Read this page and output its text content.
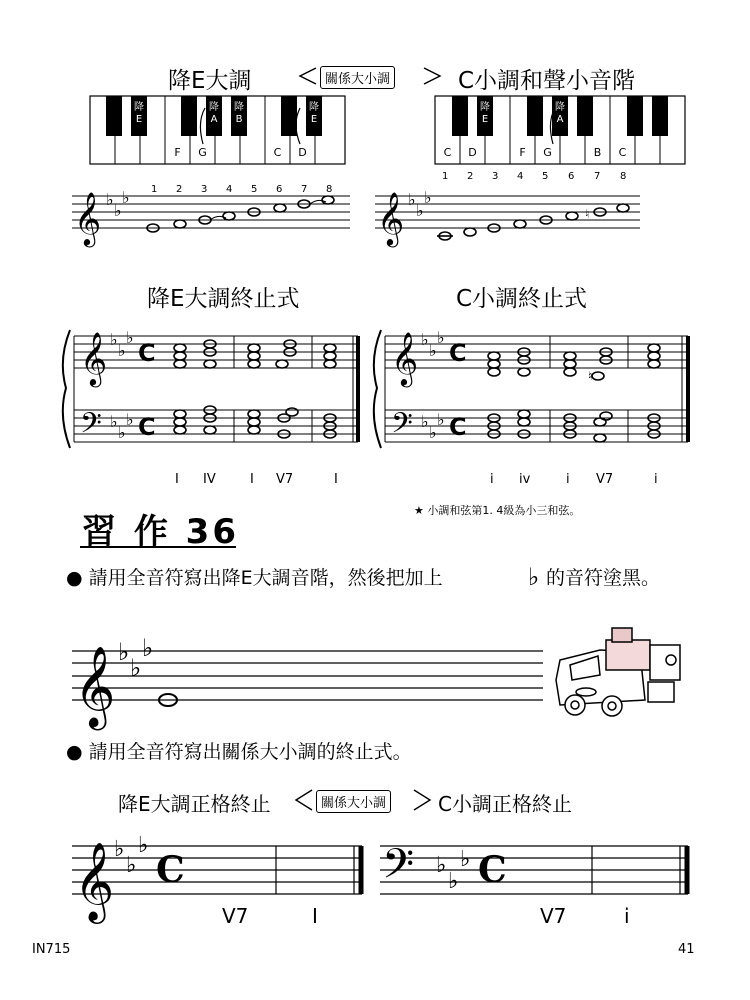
降E大調	關係大小調	C小調和聲小音階
𝄞	𝄞
♭
♭
♭	♭
♭
♭
♮
𝄞
𝄢
𝄞
𝄢
♭
♭
♭
♭
♭
♭
♭
♭
♭
♭
♭
♭
C
C
C
C
♮
♭
𝄞 ♭
♭
♭
𝄞 ♭
♭
♭
C	𝄢 ♭
♭
♭ C
降
E
降
A
降
B
降
E
F	G	C	D
降
E
降
A
C	D	F	G	B	C
1 2 3 4 5 6 7 8
1 2 3 4 5 6 7 8
降E大調終止式	C小調終止式
I IV	I V7	I	i iv	i V7	i
★ 小調和弦第1. 4級為小三和弦。
習 作 36
● 請用全音符寫出降E大調音階，然後把加上	的音符塗黑。
● 請用全音符寫出關係大小調的終止式。
降E大調正格終止	關係大小調	C小調正格終止
V7	I	V7	i
IN715	41
